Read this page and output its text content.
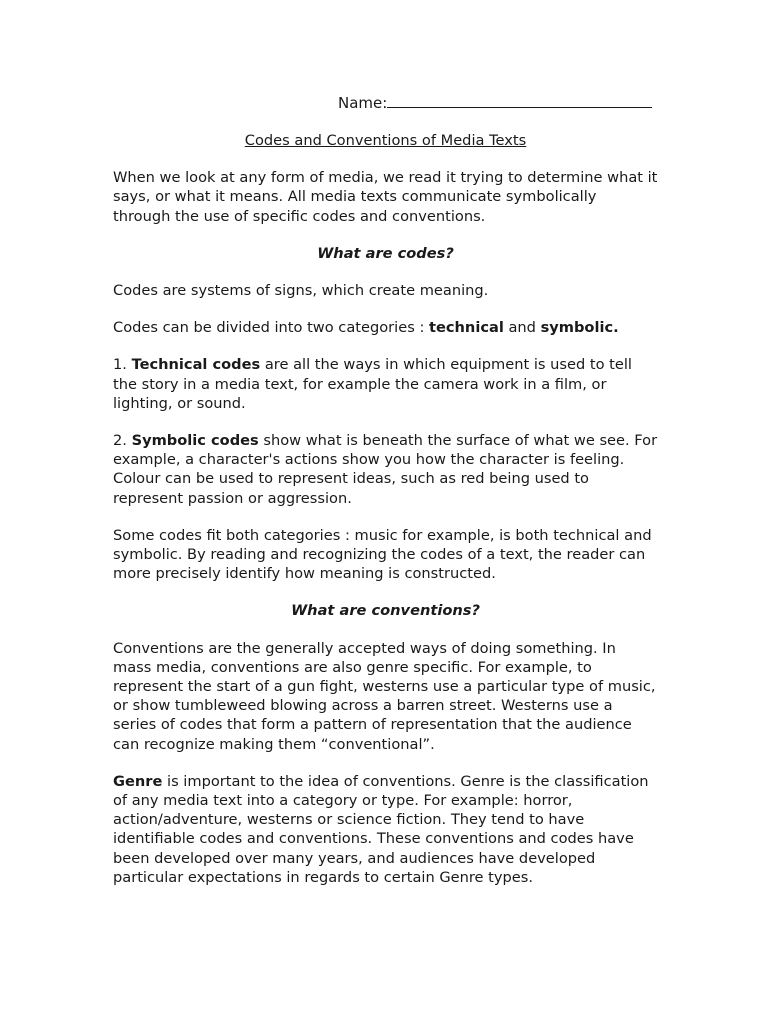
Name:

Codes and Conventions of Media Texts

When we look at any form of media, we read it trying to determine what it says, or what it means. All media texts communicate symbolically through the use of specific codes and conventions.

What are codes?

Codes are systems of signs, which create meaning.

Codes can be divided into two categories : technical and symbolic.

1. Technical codes are all the ways in which equipment is used to tell the story in a media text, for example the camera work in a film, or lighting, or sound.

2. Symbolic codes show what is beneath the surface of what we see. For example, a character's actions show you how the character is feeling. Colour can be used to represent ideas, such as red being used to represent passion or aggression.

Some codes fit both categories : music for example, is both technical and symbolic. By reading and recognizing the codes of a text, the reader can more precisely identify how meaning is constructed.

What are conventions?

Conventions are the generally accepted ways of doing something. In mass media, conventions are also genre specific. For example, to represent the start of a gun fight, westerns use a particular type of music, or show tumbleweed blowing across a barren street. Westerns use a series of codes that form a pattern of representation that the audience can recognize making them “conventional”.

Genre is important to the idea of conventions. Genre is the classification of any media text into a category or type. For example: horror, action/adventure, westerns or science fiction. They tend to have identifiable codes and conventions. These conventions and codes have been developed over many years, and audiences have developed particular expectations in regards to certain Genre types.
